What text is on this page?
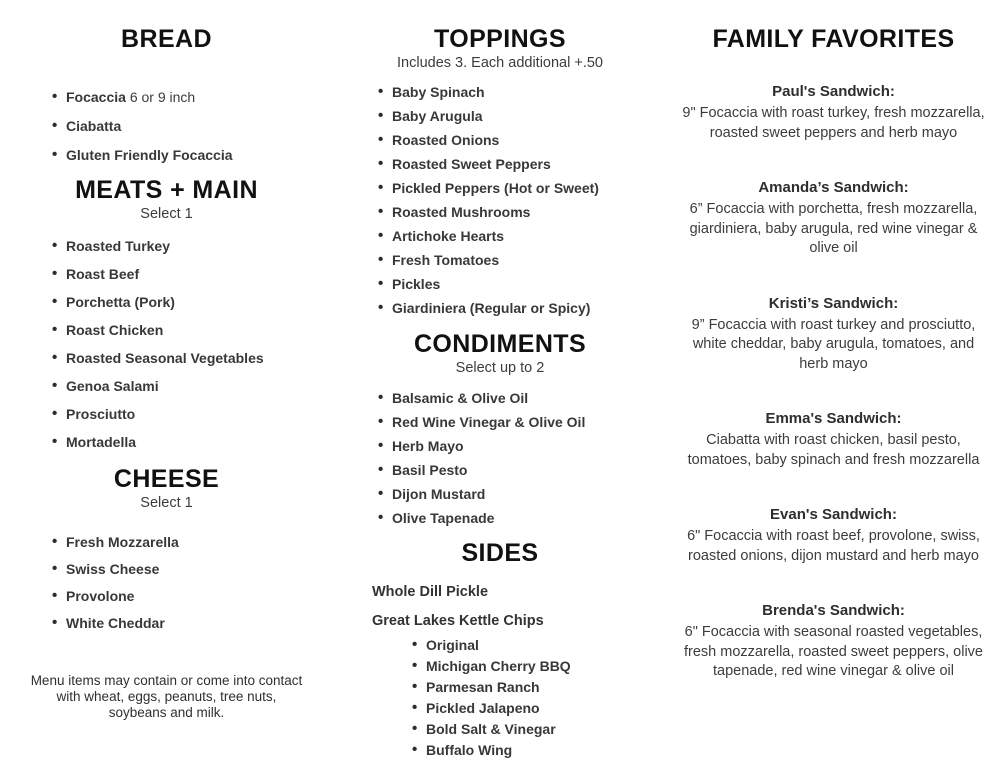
BREAD
• Focaccia 6 or 9 inch
• Ciabatta
• Gluten Friendly Focaccia
MEATS + MAIN

Select 1

• Roasted Turkey
• Roast Beef
• Porchetta (Pork)
• Roast Chicken
• Roasted Seasonal Vegetables
• Genoa Salami
• Prosciutto
• Mortadella
CHEESE

Select 1

• Fresh Mozzarella
• Swiss Cheese
• Provolone
• White Cheddar

Menu items may contain or come into contact with wheat, eggs, peanuts, tree nuts, soybeans and milk.

TOPPINGS

Includes 3. Each additional +.50

• Baby Spinach
• Baby Arugula
• Roasted Onions
• Roasted Sweet Peppers
• Pickled Peppers (Hot or Sweet)
• Roasted Mushrooms
• Artichoke Hearts
• Fresh Tomatoes
• Pickles
• Giardiniera (Regular or Spicy)
CONDIMENTS

Select up to 2

• Balsamic & Olive Oil
• Red Wine Vinegar & Olive Oil
• Herb Mayo
• Basil Pesto
• Dijon Mustard
• Olive Tapenade
SIDES

Whole Dill Pickle

Great Lakes Kettle Chips

• Original
• Michigan Cherry BBQ
• Parmesan Ranch
• Pickled Jalapeno
• Bold Salt & Vinegar
• Buffalo Wing
FAMILY FAVORITES

Paul's Sandwich:

9" Focaccia with roast turkey, fresh mozzarella, roasted sweet peppers and herb mayo

Amanda’s Sandwich:

6” Focaccia with porchetta, fresh mozzarella, giardiniera, baby arugula, red wine vinegar & olive oil

Kristi’s Sandwich:

9” Focaccia with roast turkey and prosciutto, white cheddar, baby arugula, tomatoes, and herb mayo

Emma's Sandwich:

Ciabatta with roast chicken, basil pesto, tomatoes, baby spinach and fresh mozzarella

Evan's Sandwich:

6" Focaccia with roast beef, provolone, swiss, roasted onions, dijon mustard and herb mayo

Brenda's Sandwich:

6" Focaccia with seasonal roasted vegetables, fresh mozzarella, roasted sweet peppers, olive tapenade, red wine vinegar & olive oil
